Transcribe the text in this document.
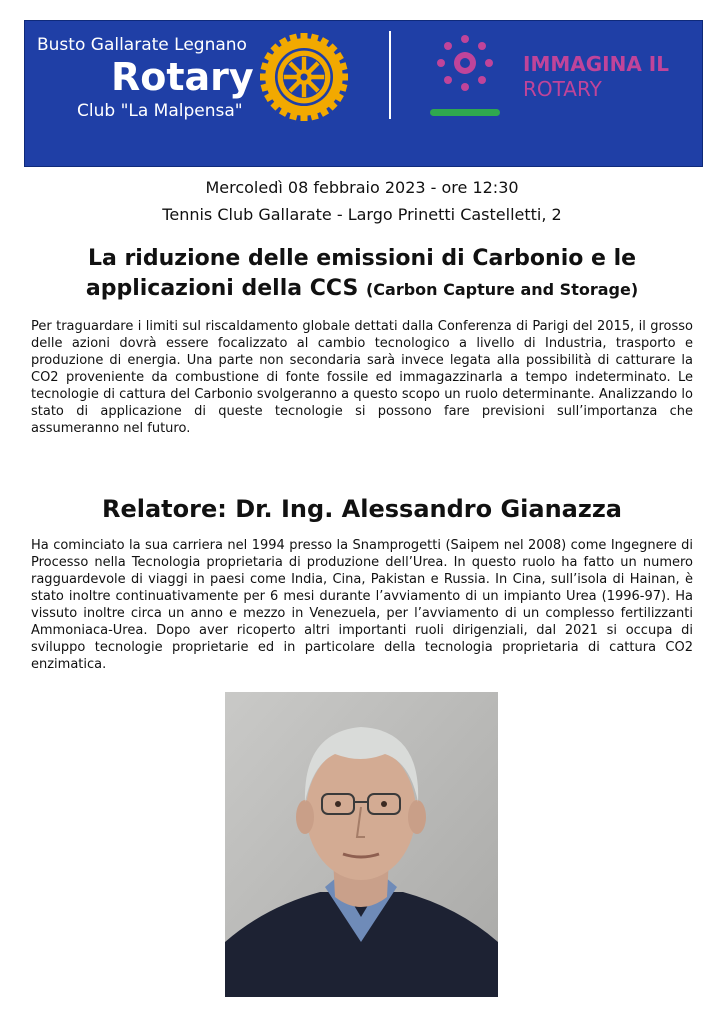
Busto Gallarate Legnano
Rotary
Club "La Malpensa"
IMMAGINA IL
ROTARY
Mercoledì 08 febbraio 2023 - ore 12:30
Tennis Club Gallarate - Largo Prinetti Castelletti, 2
La riduzione delle emissioni di Carbonio e le applicazioni della CCS (Carbon Capture and Storage)
Per traguardare i limiti sul riscaldamento globale dettati dalla Conferenza di Parigi del 2015, il grosso delle azioni dovrà essere focalizzato al cambio tecnologico a livello di Industria, trasporto e produzione di energia. Una parte non secondaria sarà invece legata alla possibilità di catturare la CO2 proveniente da combustione di fonte fossile ed immagazzinarla a tempo indeterminato. Le tecnologie di cattura del Carbonio svolgeranno a questo scopo un ruolo determinante. Analizzando lo stato di applicazione di queste tecnologie si possono fare previsioni sull’importanza che assumeranno nel futuro.
Relatore: Dr. Ing. Alessandro Gianazza
Ha cominciato la sua carriera nel 1994 presso la Snamprogetti (Saipem nel 2008) come Ingegnere di Processo nella Tecnologia proprietaria di produzione dell’Urea. In questo ruolo ha fatto un numero ragguardevole di viaggi in paesi come India, Cina, Pakistan e Russia. In Cina, sull’isola di Hainan, è stato inoltre continuativamente per 6 mesi durante l’avviamento di un impianto Urea (1996-97). Ha vissuto inoltre circa un anno e mezzo in Venezuela, per l’avviamento di un complesso fertilizzanti Ammoniaca-Urea. Dopo aver ricoperto altri importanti ruoli dirigenziali, dal 2021 si occupa di sviluppo tecnologie proprietarie ed in particolare della tecnologia proprietaria di cattura CO2 enzimatica.
